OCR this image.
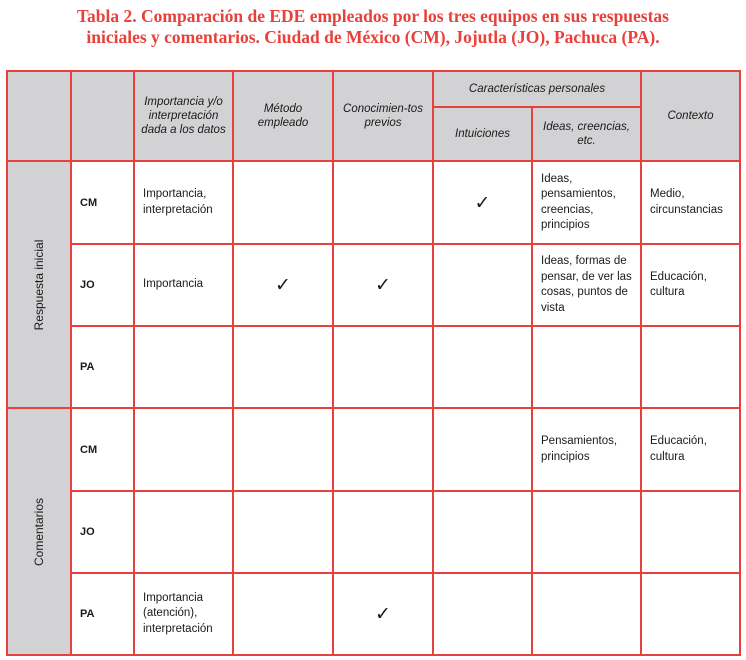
Tabla 2. Comparación de EDE empleados por los tres equipos en sus respuestas
iniciales y comentarios. Ciudad de México (CM), Jojutla (JO), Pachuca (PA).
		Importancia y/o interpretación dada a los datos	Método empleado	Conocimien-tos previos	Características personales		Contexto
					Intuiciones	Ideas, creencias, etc.	

Respuesta inicial	CM	Importancia, interpretación			✓	Ideas, pensamientos, creencias, principios	Medio, circunstancias
	JO	Importancia	✓	✓		Ideas, formas de pensar, de ver las cosas, puntos de vista	Educación, cultura
	PA						

Comentarios	CM					Pensamientos, principios	Educación, cultura
	JO						
	PA	Importancia (atención), interpretación		✓			
